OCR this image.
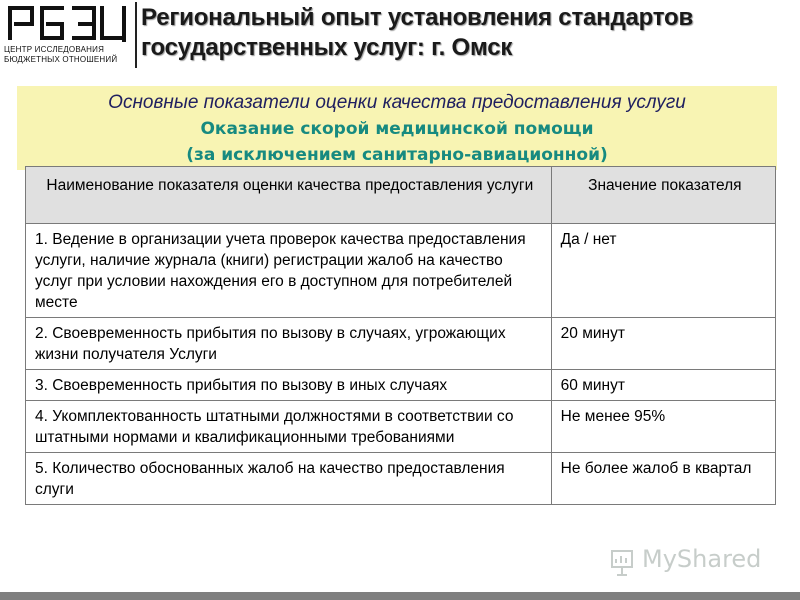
ЦЕНТР ИССЛЕДОВАНИЯ
БЮДЖЕТНЫХ ОТНОШЕНИЙ
Региональный опыт установления стандартов
государственных услуг: г. Омск
Основные показатели оценки качества предоставления услуги
Оказание скорой медицинской помощи
(за исключением санитарно-авиационной)
Наименование показателя оценки качества предоставления услуги	Значение показателя
1. Ведение в организации учета проверок качества предоставления услуги, наличие журнала (книги) регистрации жалоб на качество услуг при условии нахождения его в доступном для потребителей месте	Да / нет
2. Своевременность прибытия по вызову в случаях, угрожающих жизни получателя Услуги	20 минут
3. Своевременность прибытия по вызову в иных случаях	60 минут
4. Укомплектованность штатными должностями в соответствии со штатными нормами и квалификационными требованиями	Не менее 95%
5. Количество обоснованных жалоб на качество предоставления слуги	Не более жалоб в квартал
MyShared
